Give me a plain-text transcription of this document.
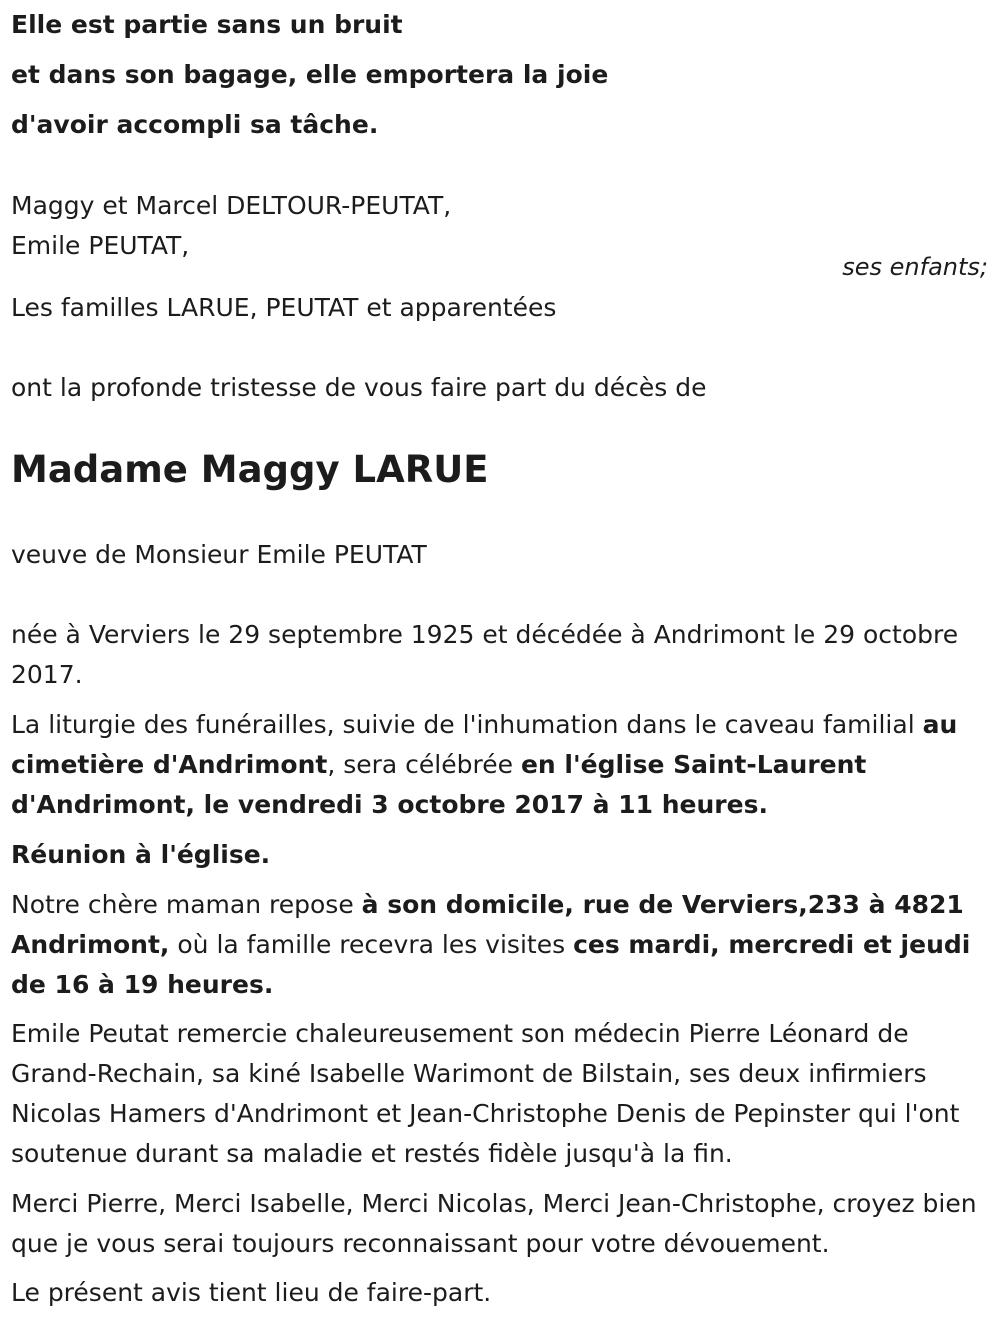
Elle est partie sans un bruit
et dans son bagage, elle emportera la joie
d'avoir accompli sa tâche.
Maggy et Marcel DELTOUR-PEUTAT,
Emile PEUTAT,
Les familles LARUE, PEUTAT et apparentées
ont la profonde tristesse de vous faire part du décès de
Madame Maggy LARUE
veuve de Monsieur Emile PEUTAT
née à Verviers le 29 septembre 1925 et décédée à Andrimont le 29 octobre 2017.
La liturgie des funérailles, suivie de l'inhumation dans le caveau familial au cimetière d'Andrimont, sera célébrée en l'église Saint-Laurent d'Andrimont, le vendredi 3 octobre 2017 à 11 heures.
Réunion à l'église.
Notre chère maman repose à son domicile, rue de Verviers,233 à 4821 Andrimont, où la famille recevra les visites ces mardi, mercredi et jeudi de 16 à 19 heures.
Emile Peutat remercie chaleureusement son médecin Pierre Léonard de Grand-Rechain, sa kiné Isabelle Warimont de Bilstain, ses deux infirmiers Nicolas Hamers d'Andrimont et Jean-Christophe Denis de Pepinster qui l'ont soutenue durant sa maladie et restés fidèle jusqu'à la fin.
Merci Pierre, Merci Isabelle, Merci Nicolas, Merci Jean-Christophe, croyez bien que je vous serai toujours reconnaissant pour votre dévouement.
Le présent avis tient lieu de faire-part.
ses enfants;
